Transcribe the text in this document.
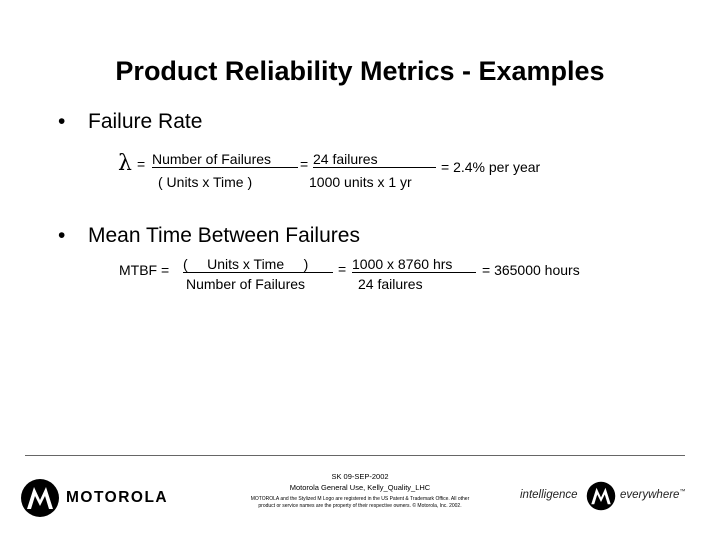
Product Reliability Metrics - Examples
• Failure Rate
λ = Number of Failures
( Units x Time )
= 24 failures
1000 units x 1 yr
= 2.4% per year
• Mean Time Between Failures
MTBF = (     Units x Time     )
Number of Failures
= 1000 x 8760 hrs
24 failures
= 365000 hours
MOTOROLA
SK 09-SEP-2002
Motorola General Use, Kelly_Quality_LHC
MOTOROLA and the Stylized M Logo are registered in the US Patent & Trademark Office. All other
product or service names are the property of their respective owners. © Motorola, Inc. 2002.
intelligence	everywhere™
